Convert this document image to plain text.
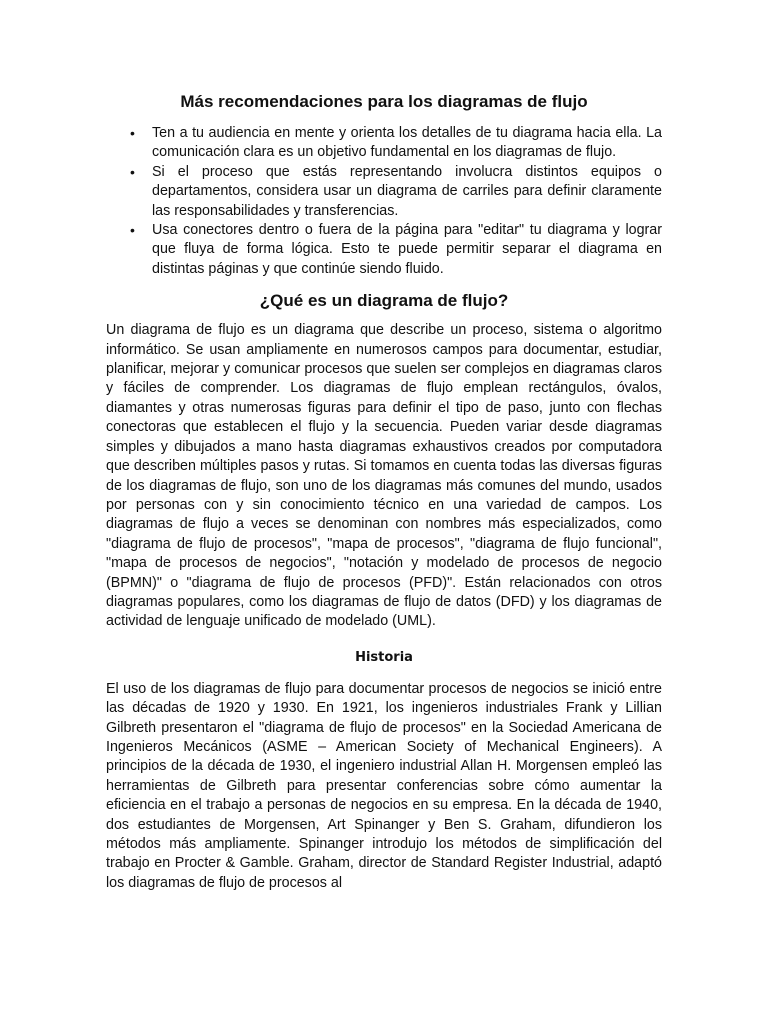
Más recomendaciones para los diagramas de flujo
• Ten a tu audiencia en mente y orienta los detalles de tu diagrama hacia ella. La comunicación clara es un objetivo fundamental en los diagramas de flujo.
• Si el proceso que estás representando involucra distintos equipos o departamentos, considera usar un diagrama de carriles para definir claramente las responsabilidades y transferencias.
• Usa conectores dentro o fuera de la página para "editar" tu diagrama y lograr que fluya de forma lógica. Esto te puede permitir separar el diagrama en distintas páginas y que continúe siendo fluido.
¿Qué es un diagrama de flujo?

Un diagrama de flujo es un diagrama que describe un proceso, sistema o algoritmo informático. Se usan ampliamente en numerosos campos para documentar, estudiar, planificar, mejorar y comunicar procesos que suelen ser complejos en diagramas claros y fáciles de comprender. Los diagramas de flujo emplean rectángulos, óvalos, diamantes y otras numerosas figuras para definir el tipo de paso, junto con flechas conectoras que establecen el flujo y la secuencia. Pueden variar desde diagramas simples y dibujados a mano hasta diagramas exhaustivos creados por computadora que describen múltiples pasos y rutas. Si tomamos en cuenta todas las diversas figuras de los diagramas de flujo, son uno de los diagramas más comunes del mundo, usados por personas con y sin conocimiento técnico en una variedad de campos. Los diagramas de flujo a veces se denominan con nombres más especializados, como "diagrama de flujo de procesos", "mapa de procesos", "diagrama de flujo funcional", "mapa de procesos de negocios", "notación y modelado de procesos de negocio (BPMN)" o "diagrama de flujo de procesos (PFD)". Están relacionados con otros diagramas populares, como los diagramas de flujo de datos (DFD) y los diagramas de actividad de lenguaje unificado de modelado (UML).

Historia

El uso de los diagramas de flujo para documentar procesos de negocios se inició entre las décadas de 1920 y 1930. En 1921, los ingenieros industriales Frank y Lillian Gilbreth presentaron el "diagrama de flujo de procesos" en la Sociedad Americana de Ingenieros Mecánicos (ASME – American Society of Mechanical Engineers). A principios de la década de 1930, el ingeniero industrial Allan H. Morgensen empleó las herramientas de Gilbreth para presentar conferencias sobre cómo aumentar la eficiencia en el trabajo a personas de negocios en su empresa. En la década de 1940, dos estudiantes de Morgensen, Art Spinanger y Ben S. Graham, difundieron los métodos más ampliamente. Spinanger introdujo los métodos de simplificación del trabajo en Procter & Gamble. Graham, director de Standard Register Industrial, adaptó los diagramas de flujo de procesos al
